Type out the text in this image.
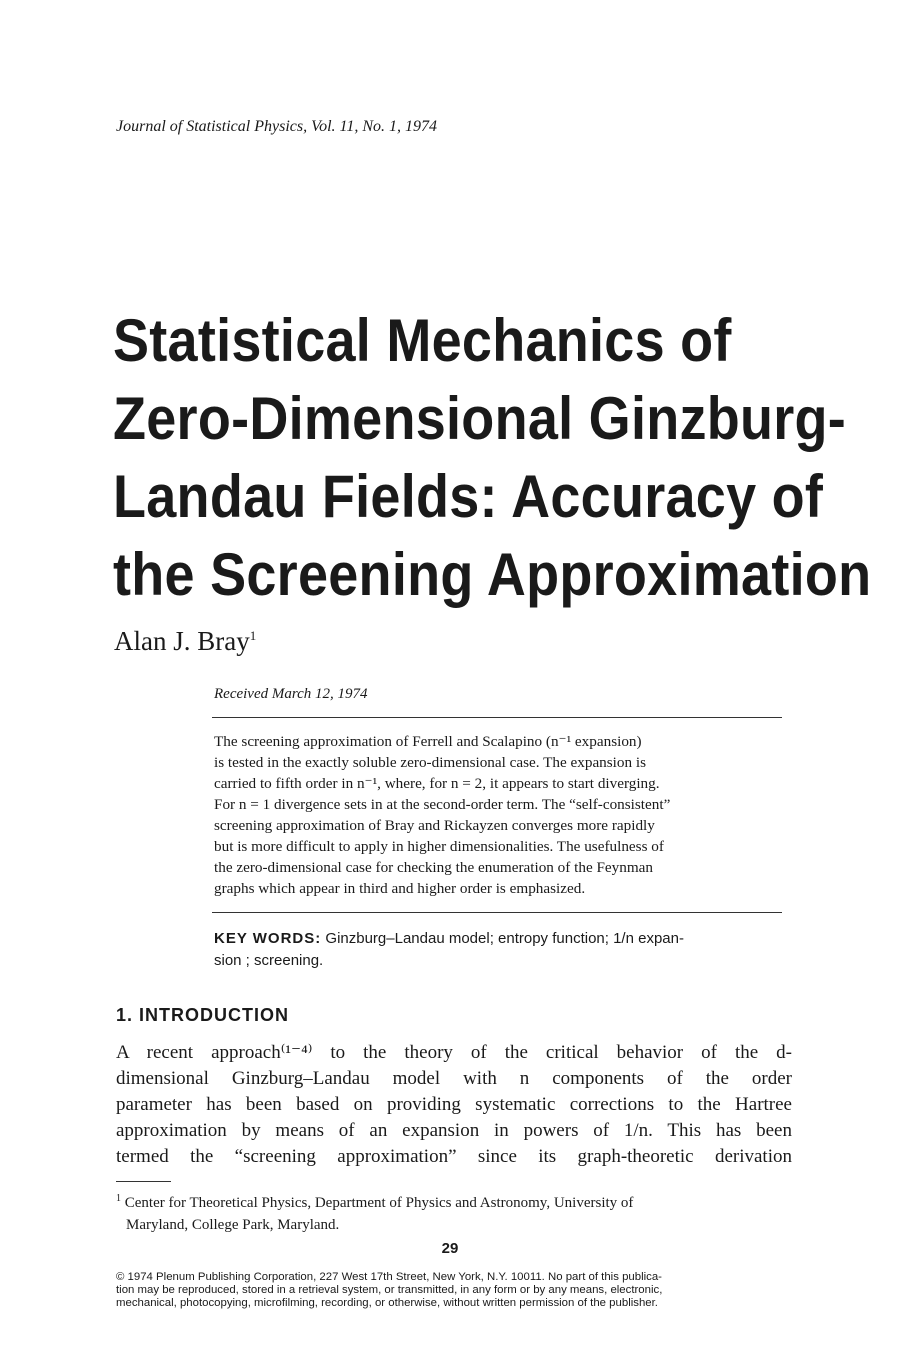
Journal of Statistical Physics, Vol. 11, No. 1, 1974
Statistical Mechanics of
Zero-Dimensional Ginzburg-
Landau Fields: Accuracy of
the Screening Approximation
Alan J. Bray$^1$
Received March 12, 1974
The screening approximation of Ferrell and Scalapino (n⁻¹ expansion)
is tested in the exactly soluble zero-dimensional case. The expansion is
carried to fifth order in n⁻¹, where, for n = 2, it appears to start diverging.
For n = 1 divergence sets in at the second-order term. The “self-consistent”
screening approximation of Bray and Rickayzen converges more rapidly
but is more difficult to apply in higher dimensionalities. The usefulness of
the zero-dimensional case for checking the enumeration of the Feynman
graphs which appear in third and higher order is emphasized.
KEY WORDS: Ginzburg–Landau model; entropy function; 1/n expan-
sion ; screening.
1. INTRODUCTION
A recent approach⁽¹⁻⁴⁾ to the theory of the critical behavior of the d-
dimensional Ginzburg–Landau model with n components of the order
parameter has been based on providing systematic corrections to the Hartree
approximation by means of an expansion in powers of 1/n. This has been
termed the “screening approximation” since its graph-theoretic derivation
$^1$ Center for Theoretical Physics, Department of Physics and Astronomy, University of
Maryland, College Park, Maryland.
29
© 1974 Plenum Publishing Corporation, 227 West 17th Street, New York, N.Y. 10011. No part of this publica-
tion may be reproduced, stored in a retrieval system, or transmitted, in any form or by any means, electronic,
mechanical, photocopying, microfilming, recording, or otherwise, without written permission of the publisher.
